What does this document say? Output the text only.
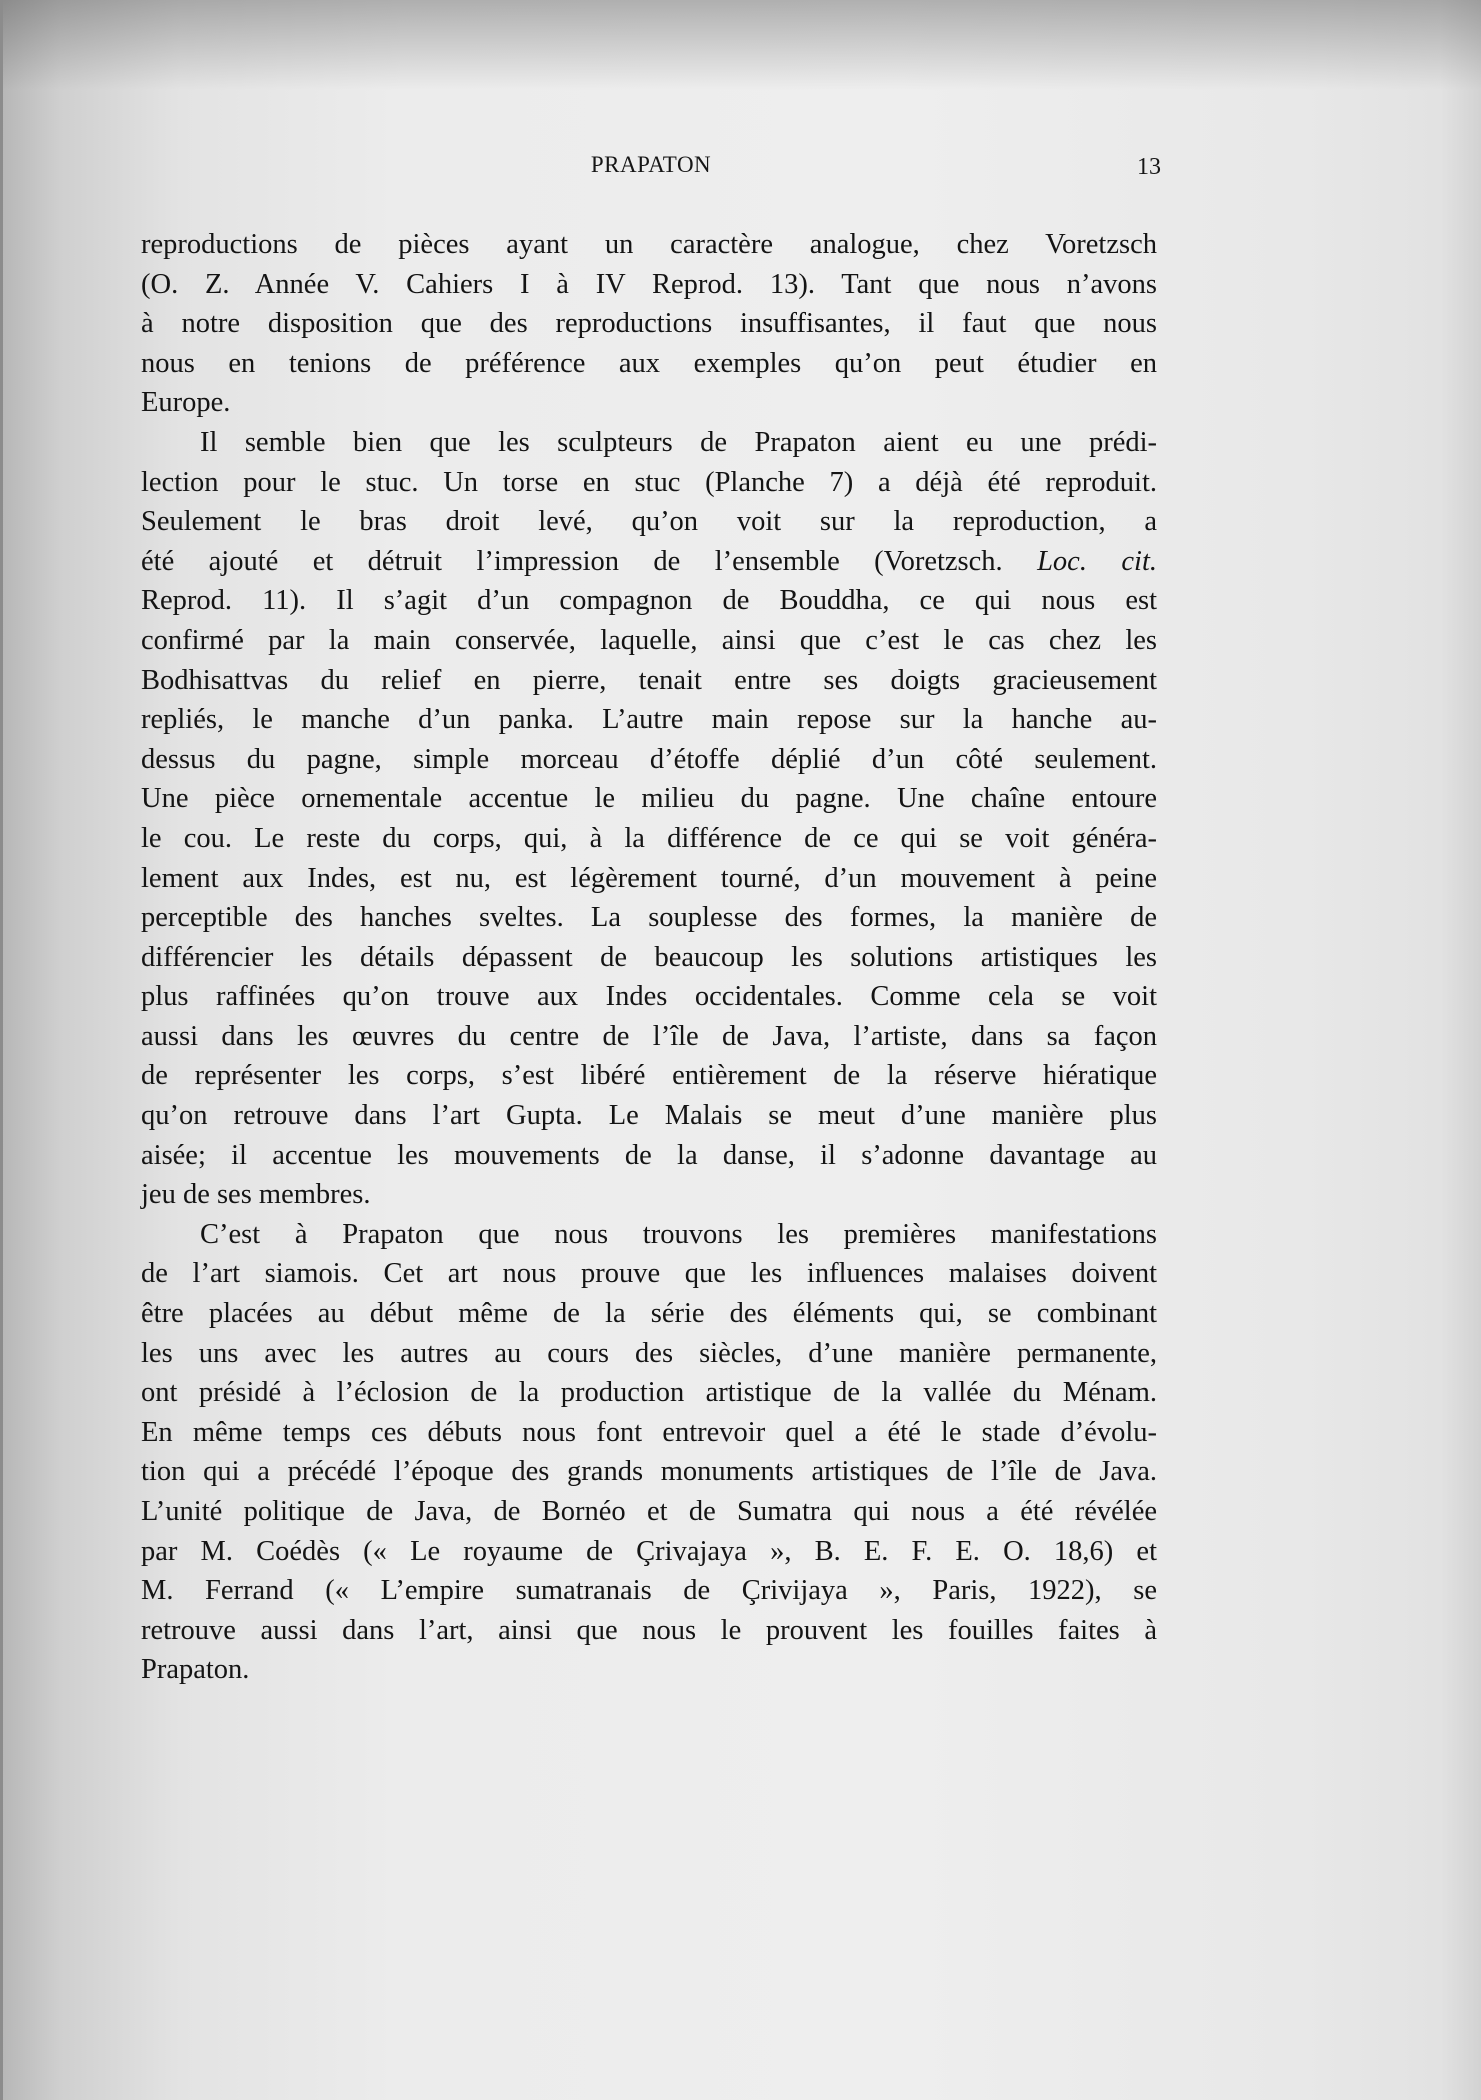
PRAPATON	13
reproductions de pièces ayant un caractère analogue, chez Voretzsch
(O. Z. Année V. Cahiers I à IV Reprod. 13). Tant que nous n’avons
à notre disposition que des reproductions insuffisantes, il faut que nous
nous en tenions de préférence aux exemples qu’on peut étudier en
Europe.
Il semble bien que les sculpteurs de Prapaton aient eu une prédi-
lection pour le stuc. Un torse en stuc (Planche 7) a déjà été reproduit.
Seulement le bras droit levé, qu’on voit sur la reproduction, a
été ajouté et détruit l’impression de l’ensemble (Voretzsch. Loc. cit.
Reprod. 11). Il s’agit d’un compagnon de Bouddha, ce qui nous est
confirmé par la main conservée, laquelle, ainsi que c’est le cas chez les
Bodhisattvas du relief en pierre, tenait entre ses doigts gracieusement
repliés, le manche d’un panka. L’autre main repose sur la hanche au-
dessus du pagne, simple morceau d’étoffe déplié d’un côté seulement.
Une pièce ornementale accentue le milieu du pagne. Une chaîne entoure
le cou. Le reste du corps, qui, à la différence de ce qui se voit généra-
lement aux Indes, est nu, est légèrement tourné, d’un mouvement à peine
perceptible des hanches sveltes. La souplesse des formes, la manière de
différencier les détails dépassent de beaucoup les solutions artistiques les
plus raffinées qu’on trouve aux Indes occidentales. Comme cela se voit
aussi dans les œuvres du centre de l’île de Java, l’artiste, dans sa façon
de représenter les corps, s’est libéré entièrement de la réserve hiératique
qu’on retrouve dans l’art Gupta. Le Malais se meut d’une manière plus
aisée; il accentue les mouvements de la danse, il s’adonne davantage au
jeu de ses membres.
C’est à Prapaton que nous trouvons les premières manifestations
de l’art siamois. Cet art nous prouve que les influences malaises doivent
être placées au début même de la série des éléments qui, se combinant
les uns avec les autres au cours des siècles, d’une manière permanente,
ont présidé à l’éclosion de la production artistique de la vallée du Ménam.
En même temps ces débuts nous font entrevoir quel a été le stade d’évolu-
tion qui a précédé l’époque des grands monuments artistiques de l’île de Java.
L’unité politique de Java, de Bornéo et de Sumatra qui nous a été révélée
par M. Coédès (« Le royaume de Çrivajaya », B. E. F. E. O. 18,6) et
M. Ferrand (« L’empire sumatranais de Çrivijaya », Paris, 1922), se
retrouve aussi dans l’art, ainsi que nous le prouvent les fouilles faites à
Prapaton.
